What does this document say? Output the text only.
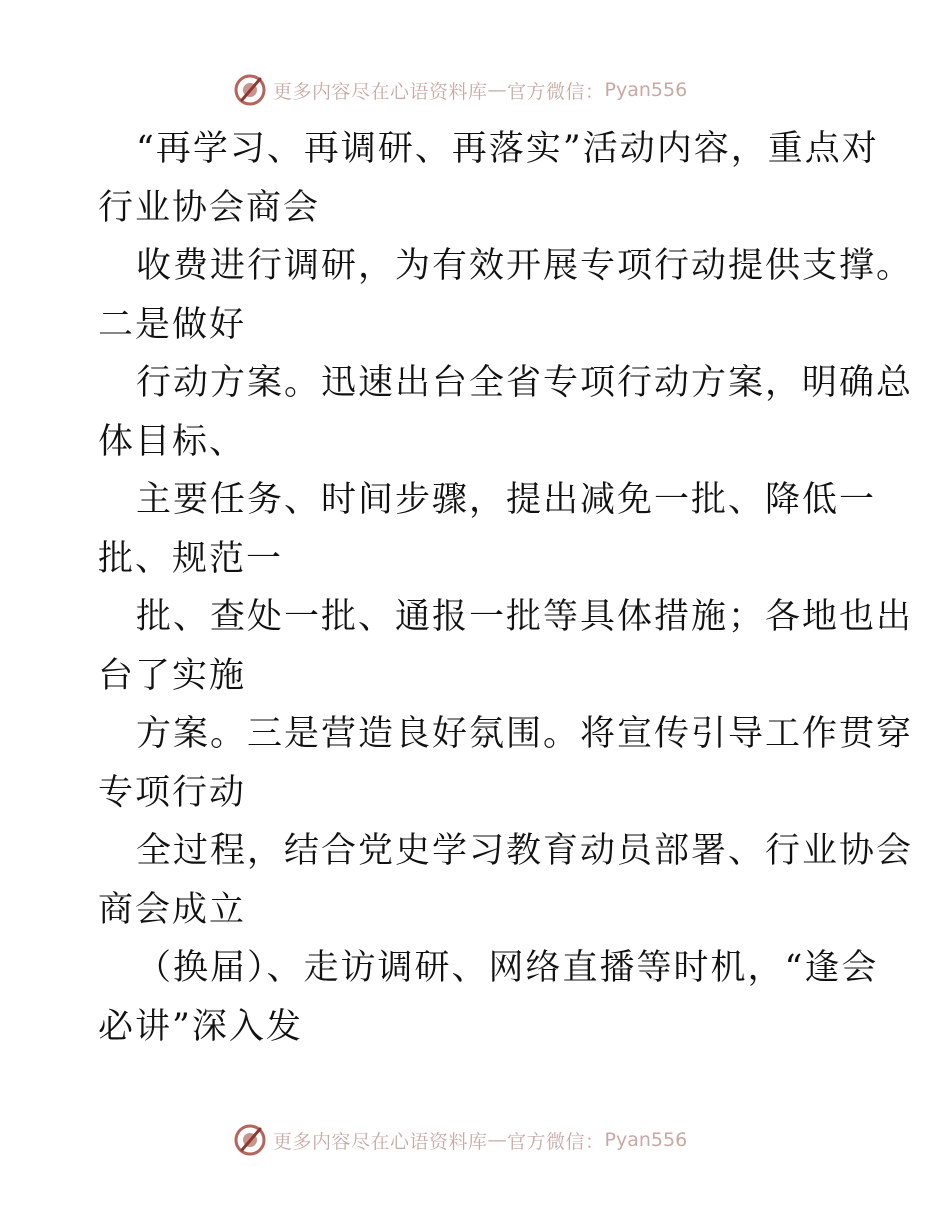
更多内容尽在心语资料库 — 官方微信： Pyan556
“再学习、再调研、再落实”活动内容，重点对
行业协会商会
收费进行调研，为有效开展专项行动提供支撑。
二是做好
行动方案。迅速出台全省专项行动方案，明确总
体目标、
主要任务、时间步骤，提出减免一批、降低一
批、规范一
批、查处一批、通报一批等具体措施；各地也出
台了实施
方案。三是营造良好氛围。将宣传引导工作贯穿
专项行动
全过程，结合党史学习教育动员部署、行业协会
商会成立
（换届）、走访调研、网络直播等时机，“逢会
必讲”深入发
更多内容尽在心语资料库 — 官方微信： Pyan556
